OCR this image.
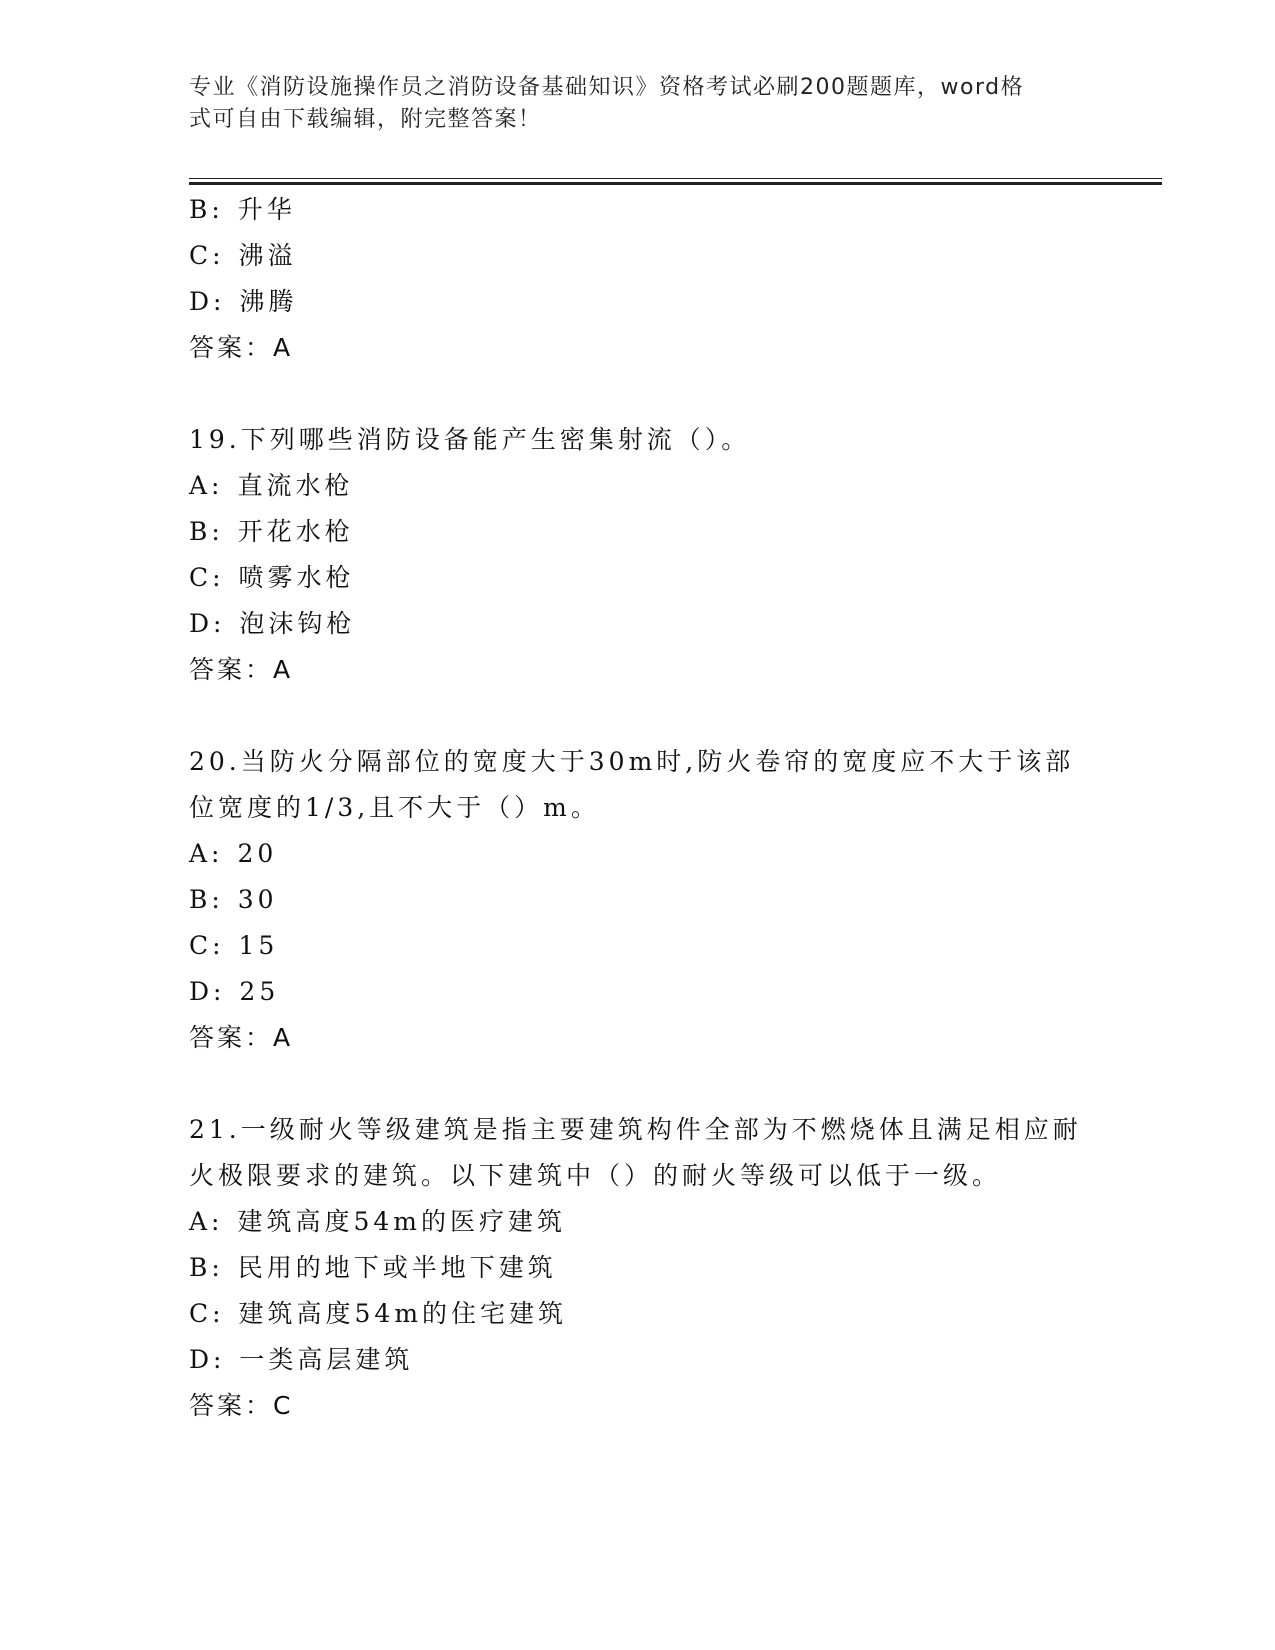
专业《消防设施操作员之消防设备基础知识》资格考试必刷200题题库，word格
式可自由下载编辑，附完整答案！
B: 升华
C: 沸溢
D: 沸腾
答案：A
19.下列哪些消防设备能产生密集射流（）。
A: 直流水枪
B: 开花水枪
C: 喷雾水枪
D: 泡沫钩枪
答案：A
20.当防火分隔部位的宽度大于30m时,防火卷帘的宽度应不大于该部
位宽度的1/3,且不大于（）m。
A: 20
B: 30
C: 15
D: 25
答案：A
21.一级耐火等级建筑是指主要建筑构件全部为不燃烧体且满足相应耐
火极限要求的建筑。以下建筑中（）的耐火等级可以低于一级。
A: 建筑高度54m的医疗建筑
B: 民用的地下或半地下建筑
C: 建筑高度54m的住宅建筑
D: 一类高层建筑
答案：C
